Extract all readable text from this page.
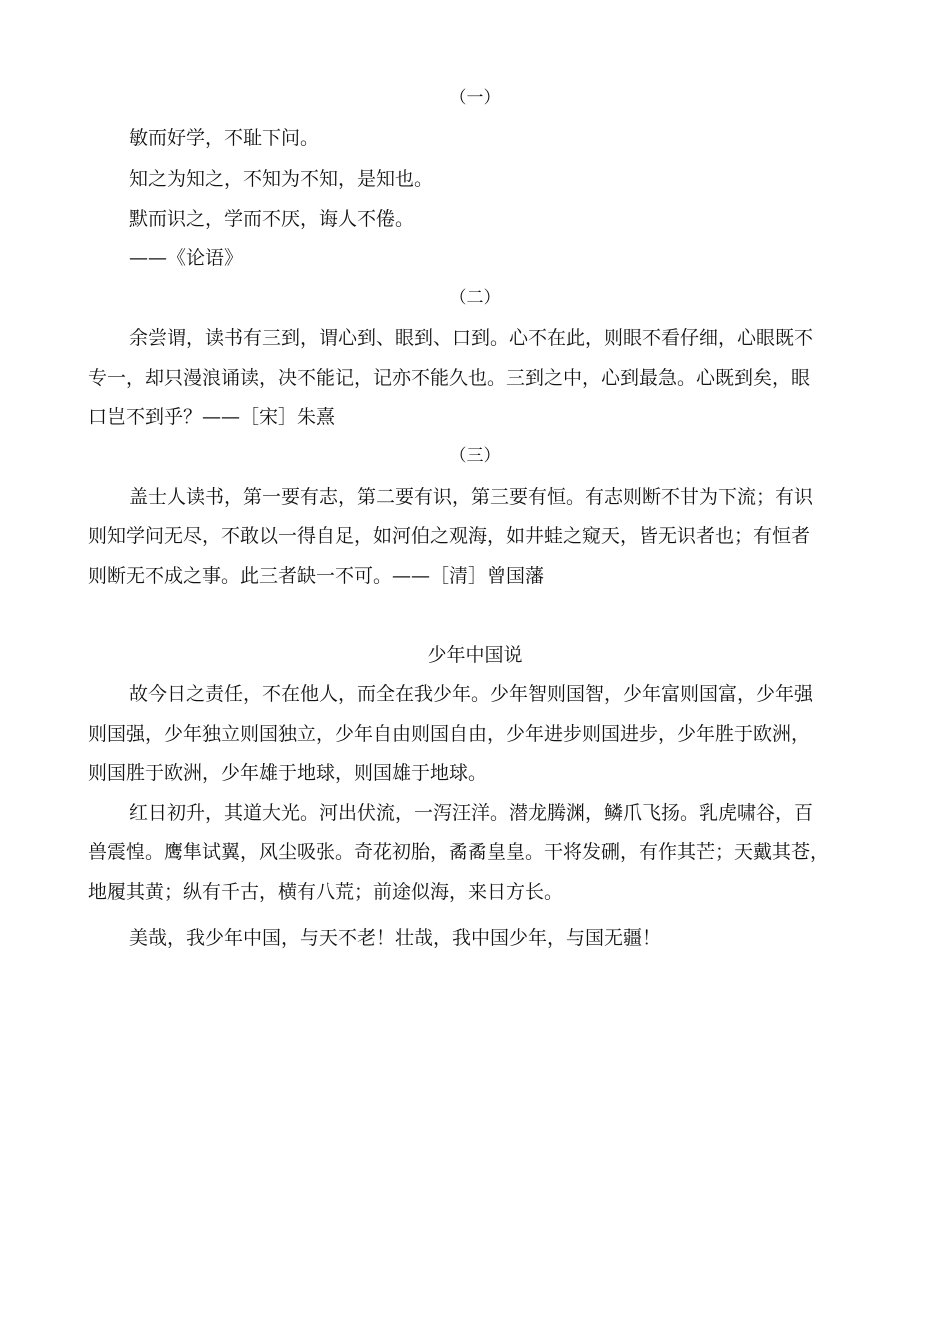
（一）
敏而好学，不耻下问。
知之为知之，不知为不知，是知也。
默而识之，学而不厌，诲人不倦。
——《论语》
（二）
余尝谓，读书有三到，谓心到、眼到、口到。心不在此，则眼不看仔细，心眼既不
专一，却只漫浪诵读，决不能记，记亦不能久也。三到之中，心到最急。心既到矣，眼
口岂不到乎？——［宋］朱熹
（三）
盖士人读书，第一要有志，第二要有识，第三要有恒。有志则断不甘为下流；有识
则知学问无尽，不敢以一得自足，如河伯之观海，如井蛙之窥天，皆无识者也；有恒者
则断无不成之事。此三者缺一不可。——［清］曾国藩
少年中国说
故今日之责任，不在他人，而全在我少年。少年智则国智，少年富则国富，少年强
则国强，少年独立则国独立，少年自由则国自由，少年进步则国进步，少年胜于欧洲，
则国胜于欧洲，少年雄于地球，则国雄于地球。
红日初升，其道大光。河出伏流，一泻汪洋。潜龙腾渊，鳞爪飞扬。乳虎啸谷，百
兽震惶。鹰隼试翼，风尘吸张。奇花初胎，矞矞皇皇。干将发硎，有作其芒；天戴其苍，
地履其黄；纵有千古，横有八荒；前途似海，来日方长。
美哉，我少年中国，与天不老！壮哉，我中国少年，与国无疆！
